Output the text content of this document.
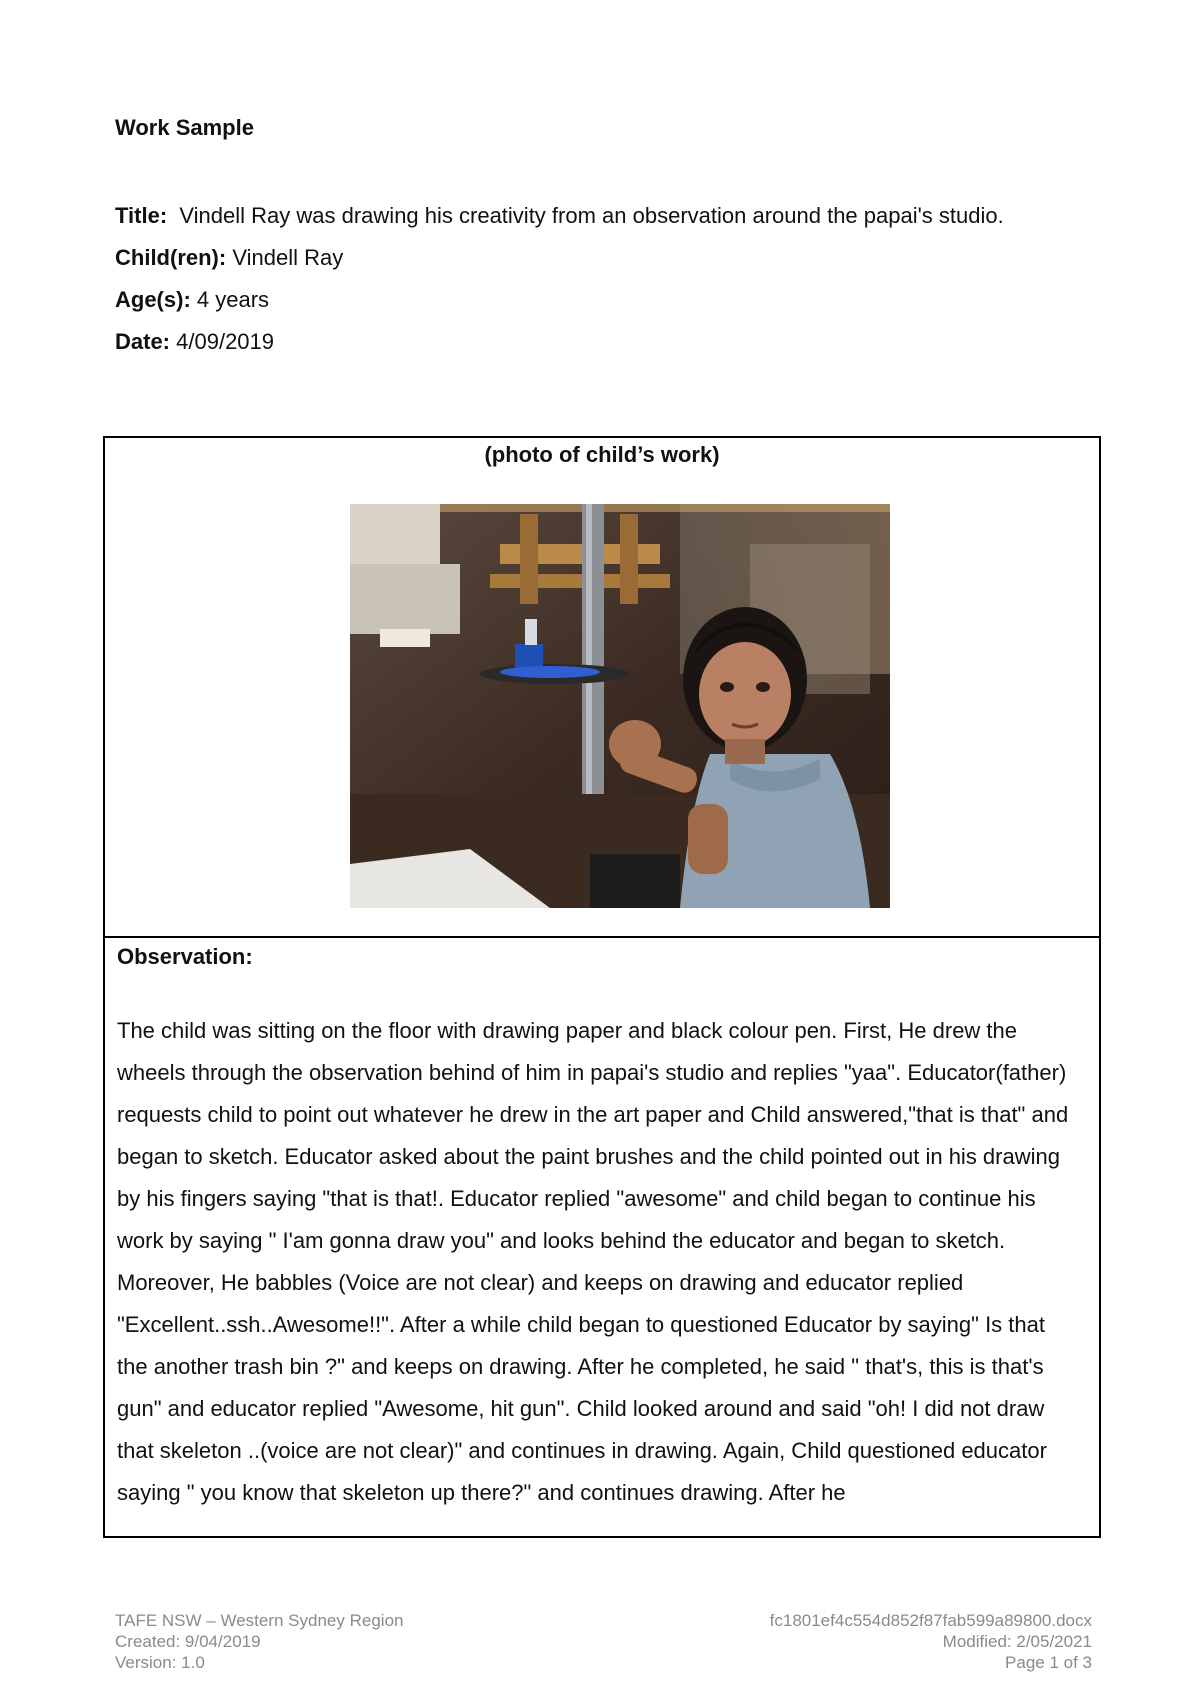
Work Sample
Title: Vindell Ray was drawing his creativity from an observation around the papai's studio.
Child(ren): Vindell Ray
Age(s): 4 years
Date: 4/09/2019
(photo of child’s work)
Observation:
The child was sitting on the floor with drawing paper and black colour pen. First, He drew the wheels through the observation behind of him in papai's studio and replies "yaa". Educator(father) requests child to point out whatever he drew in the art paper and Child answered,"that is that" and began to sketch. Educator asked about the paint brushes and the child pointed out in his drawing by his fingers saying "that is that!. Educator replied "awesome" and child began to continue his work by saying " I'am gonna draw you" and looks behind the educator and began to sketch. Moreover, He babbles (Voice are not clear) and keeps on drawing and educator replied "Excellent..ssh..Awesome!!". After a while child began to questioned Educator by saying" Is that the another trash bin ?" and keeps on drawing. After he completed, he said " that's, this is that's gun" and educator replied "Awesome, hit gun". Child looked around and said "oh! I did not draw that skeleton ..(voice are not clear)" and continues in drawing. Again, Child questioned educator saying " you know that skeleton up there?" and continues drawing. After he
TAFE NSW – Western Sydney Region
Created: 9/04/2019
Version: 1.0
fc1801ef4c554d852f87fab599a89800.docx
Modified: 2/05/2021
Page 1 of 3
